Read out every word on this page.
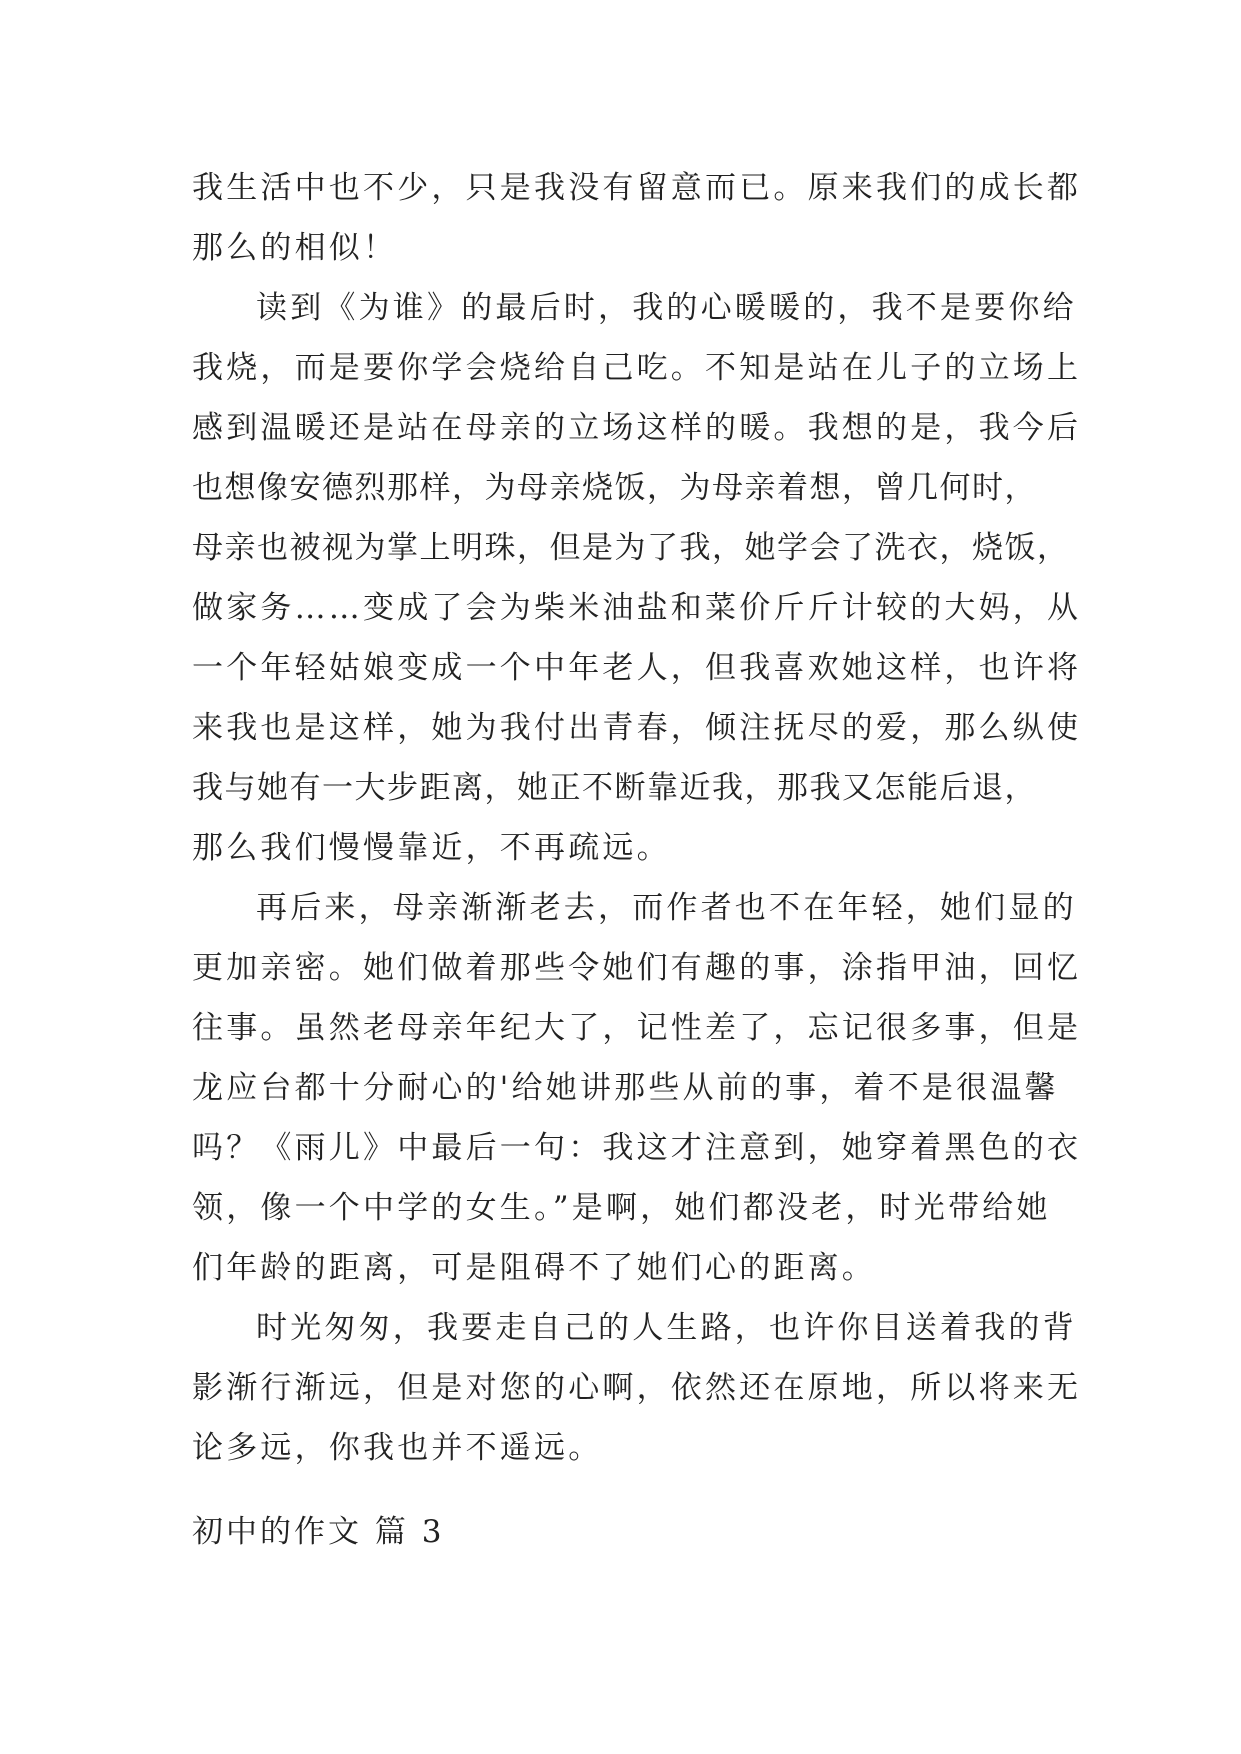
我生活中也不少，只是我没有留意而已。原来我们的成长都
那么的相似！
读到《为谁》的最后时，我的心暖暖的，我不是要你给
我烧，而是要你学会烧给自己吃。不知是站在儿子的立场上
感到温暖还是站在母亲的立场这样的暖。我想的是，我今后
也想像安德烈那样，为母亲烧饭，为母亲着想，曾几何时，
母亲也被视为掌上明珠，但是为了我，她学会了洗衣，烧饭，
做家务……变成了会为柴米油盐和菜价斤斤计较的大妈，从
一个年轻姑娘变成一个中年老人，但我喜欢她这样，也许将
来我也是这样，她为我付出青春，倾注抚尽的爱，那么纵使
我与她有一大步距离，她正不断靠近我，那我又怎能后退，
那么我们慢慢靠近，不再疏远。
再后来，母亲渐渐老去，而作者也不在年轻，她们显的
更加亲密。她们做着那些令她们有趣的事，涂指甲油，回忆
往事。虽然老母亲年纪大了，记性差了，忘记很多事，但是
龙应台都十分耐心的'给她讲那些从前的事，着不是很温馨
吗？《雨儿》中最后一句：我这才注意到，她穿着黑色的衣
领，像一个中学的女生。”是啊，她们都没老，时光带给她
们年龄的距离，可是阻碍不了她们心的距离。
时光匆匆，我要走自己的人生路，也许你目送着我的背
影渐行渐远，但是对您的心啊，依然还在原地，所以将来无
论多远，你我也并不遥远。
初中的作文 篇 3
